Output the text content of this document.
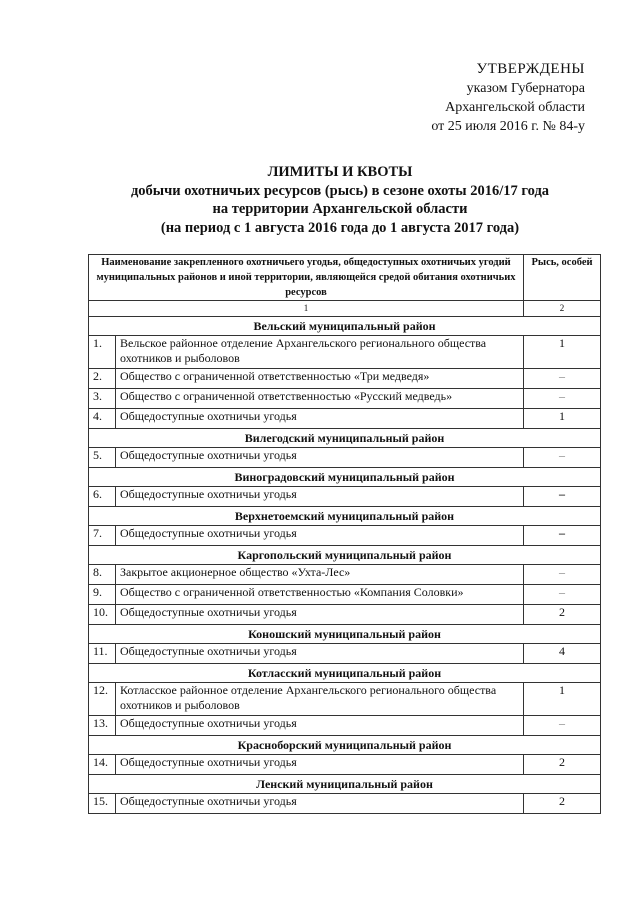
УТВЕРЖДЕНЫ
указом Губернатора
Архангельской области
от 25 июля 2016 г. № 84-у
ЛИМИТЫ И КВОТЫ
добычи охотничьих ресурсов (рысь) в сезоне охоты 2016/17 года
на территории Архангельской области
(на период с 1 августа 2016 года до 1 августа 2017 года)
Наименование закрепленного охотничьего угодья, общедоступных охотничьих угодий муниципальных районов и иной территории, являющейся средой обитания охотничьих ресурсов		Рысь, особей
1		2
Вельский муниципальный район		
1.	Вельское районное отделение Архангельского регионального общества охотников и рыболовов	1
2.	Общество с ограниченной ответственностью «Три медведя»	–
3.	Общество с ограниченной ответственностью «Русский медведь»	–
4.	Общедоступные охотничьи угодья	1
Вилегодский муниципальный район		
5.	Общедоступные охотничьи угодья	–
Виноградовский муниципальный район		
6.	Общедоступные охотничьи угодья	–
Верхнетоемский муниципальный район		
7.	Общедоступные охотничьи угодья	–
Каргопольский муниципальный район		
8.	Закрытое акционерное общество «Ухта-Лес»	–
9.	Общество с ограниченной ответственностью «Компания Соловки»	–
10.	Общедоступные охотничьи угодья	2
Коношский муниципальный район		
11.	Общедоступные охотничьи угодья	4
Котласский муниципальный район		
12.	Котласское районное отделение Архангельского регионального общества охотников и рыболовов	1
13.	Общедоступные охотничьи угодья	–
Красноборский муниципальный район		
14.	Общедоступные охотничьи угодья	2
Ленский муниципальный район		
15.	Общедоступные охотничьи угодья	2
